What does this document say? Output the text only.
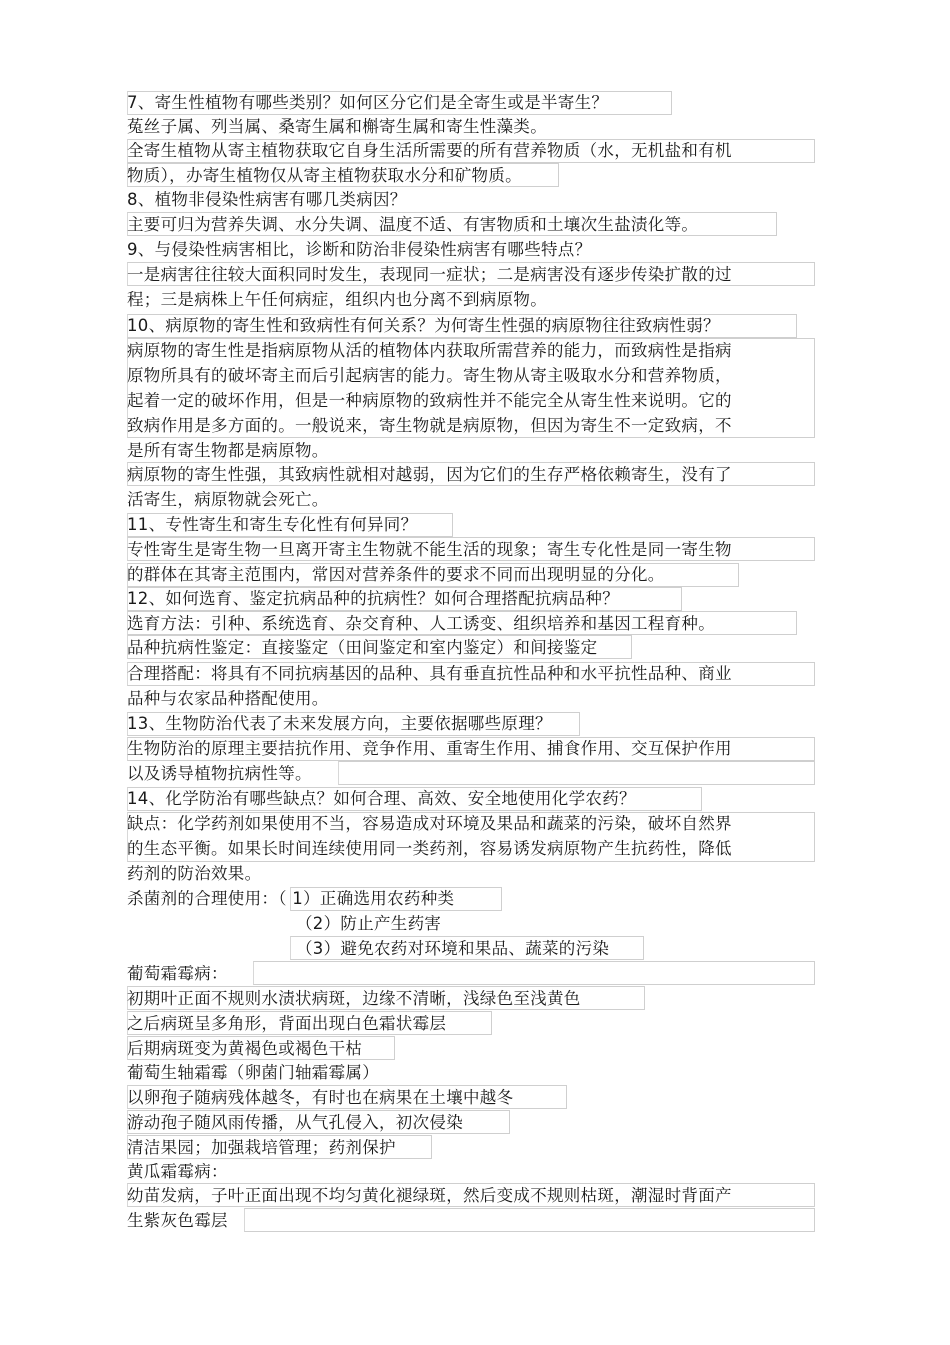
7、寄生性植物有哪些类别？如何区分它们是全寄生或是半寄生？
菟丝子属、列当属、桑寄生属和槲寄生属和寄生性藻类。
全寄生植物从寄主植物获取它自身生活所需要的所有营养物质（水，无机盐和有机
物质），办寄生植物仅从寄主植物获取水分和矿物质。
8、植物非侵染性病害有哪几类病因？
主要可归为营养失调、水分失调、温度不适、有害物质和土壤次生盐渍化等。
9、与侵染性病害相比，诊断和防治非侵染性病害有哪些特点？
一是病害往往较大面积同时发生，表现同一症状；二是病害没有逐步传染扩散的过
程；三是病株上午任何病症，组织内也分离不到病原物。
10、病原物的寄生性和致病性有何关系？为何寄生性强的病原物往往致病性弱？
病原物的寄生性是指病原物从活的植物体内获取所需营养的能力，而致病性是指病
原物所具有的破坏寄主而后引起病害的能力。寄生物从寄主吸取水分和营养物质，
起着一定的破坏作用，但是一种病原物的致病性并不能完全从寄生性来说明。它的
致病作用是多方面的。一般说来，寄生物就是病原物，但因为寄生不一定致病，不
是所有寄生物都是病原物。
病原物的寄生性强，其致病性就相对越弱，因为它们的生存严格依赖寄生，没有了
活寄生，病原物就会死亡。
11、专性寄生和寄生专化性有何异同？
专性寄生是寄生物一旦离开寄主生物就不能生活的现象；寄生专化性是同一寄生物
的群体在其寄主范围内，常因对营养条件的要求不同而出现明显的分化。
12、如何选育、鉴定抗病品种的抗病性？如何合理搭配抗病品种？
选育方法：引种、系统选育、杂交育种、人工诱变、组织培养和基因工程育种。
品种抗病性鉴定：直接鉴定（田间鉴定和室内鉴定）和间接鉴定
合理搭配：将具有不同抗病基因的品种、具有垂直抗性品种和水平抗性品种、商业
品种与农家品种搭配使用。
13、生物防治代表了未来发展方向，主要依据哪些原理？
生物防治的原理主要拮抗作用、竞争作用、重寄生作用、捕食作用、交互保护作用
以及诱导植物抗病性等。
14、化学防治有哪些缺点？如何合理、高效、安全地使用化学农药？
缺点：化学药剂如果使用不当，容易造成对环境及果品和蔬菜的污染，破坏自然界
的生态平衡。如果长时间连续使用同一类药剂，容易诱发病原物产生抗药性，降低
药剂的防治效果。
杀菌剂的合理使用：（ 1）正确选用农药种类
（2）防止产生药害
（3）避免农药对环境和果品、蔬菜的污染
葡萄霜霉病：
初期叶正面不规则水渍状病斑，边缘不清晰，浅绿色至浅黄色
之后病斑呈多角形，背面出现白色霜状霉层
后期病斑变为黄褐色或褐色干枯
葡萄生轴霜霉（卵菌门轴霜霉属）
以卵孢子随病残体越冬，有时也在病果在土壤中越冬
游动孢子随风雨传播，从气孔侵入，初次侵染
清洁果园；加强栽培管理；药剂保护
黄瓜霜霉病：
幼苗发病，子叶正面出现不均匀黄化褪绿斑，然后变成不规则枯斑，潮湿时背面产
生紫灰色霉层
